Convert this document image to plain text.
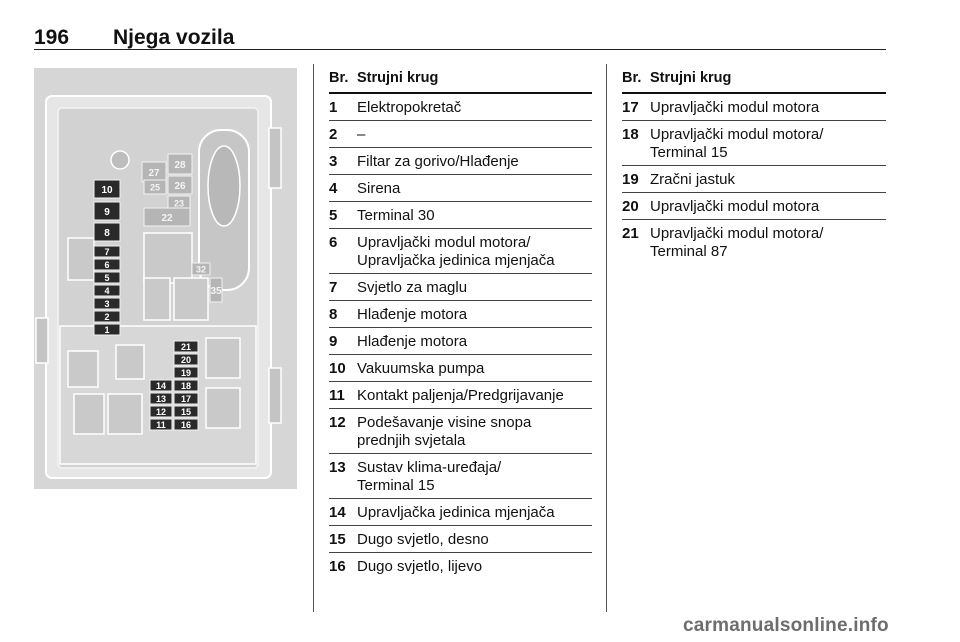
196 Njega vozila
10
9
8
7
6
5
4
3
2
1
21
20
19
18
17
15
16
14
13
12
11
28
27
26
25
23
22
32
35
Br. Strujni krug
1 Elektropokretač
2 –
3 Filtar za gorivo/Hlađenje
4 Sirena
5 Terminal 30
6 Upravljački modul motora/
Upravljačka jedinica mjenjača
7 Svjetlo za maglu
8 Hlađenje motora
9 Hlađenje motora
10 Vakuumska pumpa
11 Kontakt paljenja/Predgrijavanje
12 Podešavanje visine snopa
prednjih svjetala
13 Sustav klima-uređaja/
Terminal 15
14 Upravljačka jedinica mjenjača
15 Dugo svjetlo, desno
16 Dugo svjetlo, lijevo
Br. Strujni krug
17 Upravljački modul motora
18 Upravljački modul motora/
Terminal 15
19 Zračni jastuk
20 Upravljački modul motora
21 Upravljački modul motora/
Terminal 87
carmanualsonline.info
